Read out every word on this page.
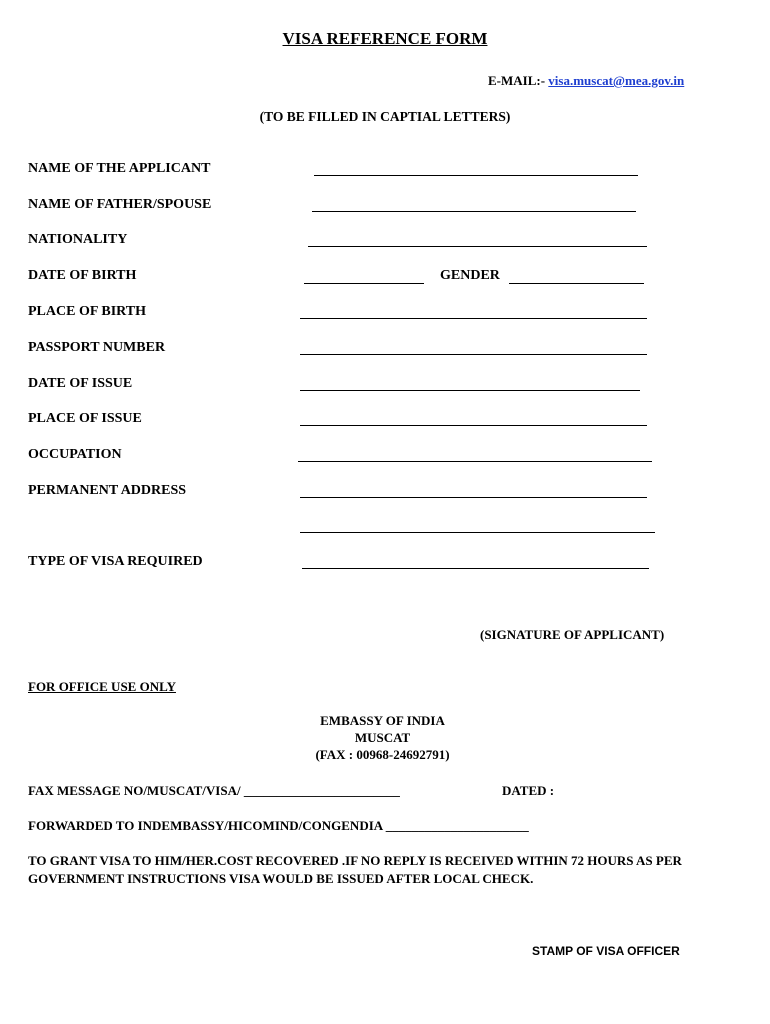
VISA REFERENCE FORM
E-MAIL:- visa.muscat@mea.gov.in
(TO BE FILLED IN CAPTIAL LETTERS)
NAME OF THE APPLICANT
NAME OF FATHER/SPOUSE
NATIONALITY
DATE OF BIRTH
PLACE OF BIRTH
PASSPORT NUMBER
DATE OF ISSUE
PLACE OF ISSUE
OCCUPATION
PERMANENT ADDRESS
TYPE OF VISA REQUIRED
GENDER
(SIGNATURE OF APPLICANT)
FOR OFFICE USE ONLY
EMBASSY OF INDIA
MUSCAT
(FAX : 00968-24692791)
FAX MESSAGE NO/MUSCAT/VISA/ ________________________	DATED :
FORWARDED TO INDEMBASSY/HICOMIND/CONGENDIA ______________________
TO GRANT VISA TO HIM/HER.COST RECOVERED .IF NO REPLY IS RECEIVED WITHIN 72 HOURS AS PER GOVERNMENT INSTRUCTIONS VISA WOULD BE ISSUED AFTER LOCAL CHECK.
STAMP OF VISA OFFICER
